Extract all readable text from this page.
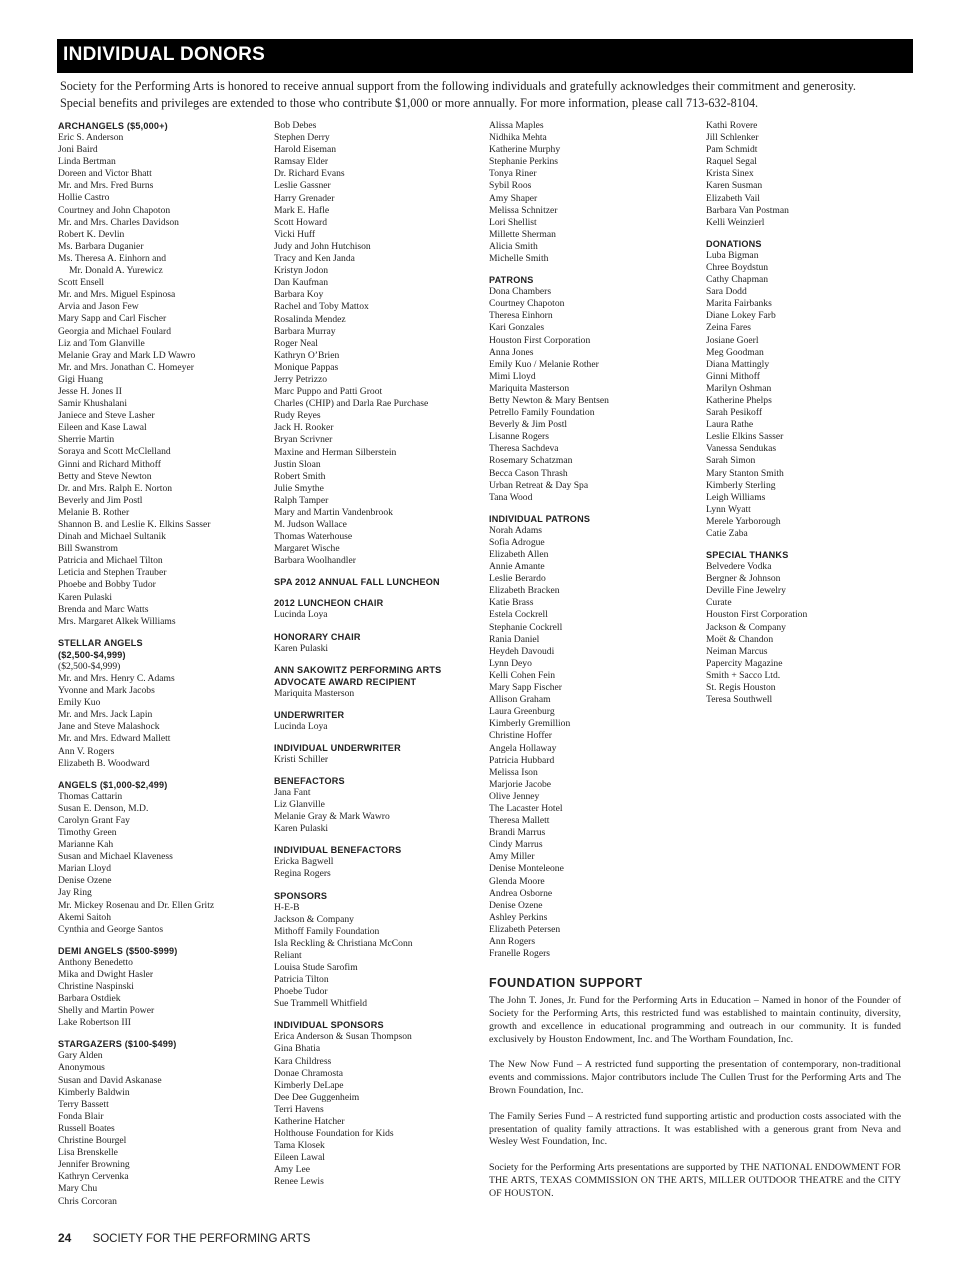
INDIVIDUAL DONORS
Society for the Performing Arts is honored to receive annual support from the following individuals and gratefully acknowledges their commitment and generosity.
Special benefits and privileges are extended to those who contribute $1,000 or more annually. For more information, please call 713-632-8104.
ARCHANGELS ($5,000+)
Eric S. Anderson
Joni Baird
Linda Bertman
Doreen and Victor Bhatt
Mr. and Mrs. Fred Burns
Hollie Castro
Courtney and John Chapoton
Mr. and Mrs. Charles Davidson
Robert K. Devlin
Ms. Barbara Duganier
Ms. Theresa A. Einhorn and
Mr. Donald A. Yurewicz
Scott Ensell
Mr. and Mrs. Miguel Espinosa
Arvia and Jason Few
Mary Sapp and Carl Fischer
Georgia and Michael Foulard
Liz and Tom Glanville
Melanie Gray and Mark LD Wawro
Mr. and Mrs. Jonathan C. Homeyer
Gigi Huang
Jesse H. Jones II
Samir Khushalani
Janiece and Steve Lasher
Eileen and Kase Lawal
Sherrie Martin
Soraya and Scott McClelland
Ginni and Richard Mithoff
Betty and Steve Newton
Dr. and Mrs. Ralph E. Norton
Beverly and Jim Postl
Melanie B. Rother
Shannon B. and Leslie K. Elkins Sasser
Dinah and Michael Sultanik
Bill Swanstrom
Patricia and Michael Tilton
Leticia and Stephen Trauber
Phoebe and Bobby Tudor
Karen Pulaski
Brenda and Marc Watts
Mrs. Margaret Alkek Williams
STELLAR ANGELS
($2,500-$4,999)
($2,500-$4,999)
Mr. and Mrs. Henry C. Adams
Yvonne and Mark Jacobs
Emily Kuo
Mr. and Mrs. Jack Lapin
Jane and Steve Malashock
Mr. and Mrs. Edward Mallett
Ann V. Rogers
Elizabeth B. Woodward
ANGELS ($1,000-$2,499)
Thomas Cattarin
Susan E. Denson, M.D.
Carolyn Grant Fay
Timothy Green
Marianne Kah
Susan and Michael Klaveness
Marian Lloyd
Denise Ozene
Jay Ring
Mr. Mickey Rosenau and Dr. Ellen Gritz
Akemi Saitoh
Cynthia and George Santos
DEMI ANGELS ($500-$999)
Anthony Benedetto
Mika and Dwight Hasler
Christine Naspinski
Barbara Ostdiek
Shelly and Martin Power
Lake Robertson III
STARGAZERS ($100-$499)
Gary Alden
Anonymous
Susan and David Askanase
Kimberly Baldwin
Terry Bassett
Fonda Blair
Russell Boates
Christine Bourgel
Lisa Brenskelle
Jennifer Browning
Kathryn Cervenka
Mary Chu
Chris Corcoran
Bob Debes
Stephen Derry
Harold Eiseman
Ramsay Elder
Dr. Richard Evans
Leslie Gassner
Harry Grenader
Mark E. Hafle
Scott Howard
Vicki Huff
Judy and John Hutchison
Tracy and Ken Janda
Kristyn Jodon
Dan Kaufman
Barbara Koy
Rachel and Toby Mattox
Rosalinda Mendez
Barbara Murray
Roger Neal
Kathryn O’Brien
Monique Pappas
Jerry Petrizzo
Marc Puppo and Patti Groot
Charles (CHIP) and Darla Rae Purchase
Rudy Reyes
Jack H. Rooker
Bryan Scrivner
Maxine and Herman Silberstein
Justin Sloan
Robert Smith
Julie Smythe
Ralph Tamper
Mary and Martin Vandenbrook
M. Judson Wallace
Thomas Waterhouse
Margaret Wische
Barbara Woolhandler
SPA 2012 ANNUAL FALL LUNCHEON
2012 LUNCHEON CHAIR
Lucinda Loya
HONORARY CHAIR
Karen Pulaski
ANN SAKOWITZ PERFORMING ARTS
ADVOCATE AWARD RECIPIENT
Mariquita Masterson
UNDERWRITER
Lucinda Loya
INDIVIDUAL UNDERWRITER
Kristi Schiller
BENEFACTORS
Jana Fant
Liz Glanville
Melanie Gray & Mark Wawro
Karen Pulaski
INDIVIDUAL BENEFACTORS
Ericka Bagwell
Regina Rogers
SPONSORS
H-E-B
Jackson & Company
Mithoff Family Foundation
Isla Reckling & Christiana McConn
Reliant
Louisa Stude Sarofim
Patricia Tilton
Phoebe Tudor
Sue Trammell Whitfield
INDIVIDUAL SPONSORS
Erica Anderson & Susan Thompson
Gina Bhatia
Kara Childress
Donae Chramosta
Kimberly DeLape
Dee Dee Guggenheim
Terri Havens
Katherine Hatcher
Holthouse Foundation for Kids
Tama Klosek
Eileen Lawal
Amy Lee
Renee Lewis
Alissa Maples
Nidhika Mehta
Katherine Murphy
Stephanie Perkins
Tonya Riner
Sybil Roos
Amy Shaper
Melissa Schnitzer
Lori Shellist
Millette Sherman
Alicia Smith
Michelle Smith
PATRONS
Dona Chambers
Courtney Chapoton
Theresa Einhorn
Kari Gonzales
Houston First Corporation
Anna Jones
Emily Kuo / Melanie Rother
Mimi Lloyd
Mariquita Masterson
Betty Newton & Mary Bentsen
Petrello Family Foundation
Beverly & Jim Postl
Lisanne Rogers
Theresa Sachdeva
Rosemary Schatzman
Becca Cason Thrash
Urban Retreat & Day Spa
Tana Wood
INDIVIDUAL PATRONS
Norah Adams
Sofia Adrogue
Elizabeth Allen
Annie Amante
Leslie Berardo
Elizabeth Bracken
Katie Brass
Estela Cockrell
Stephanie Cockrell
Rania Daniel
Heydeh Davoudi
Lynn Deyo
Kelli Cohen Fein
Mary Sapp Fischer
Allison Graham
Laura Greenburg
Kimberly Gremillion
Christine Hoffer
Angela Hollaway
Patricia Hubbard
Melissa Ison
Marjorie Jacobe
Olive Jenney
The Lacaster Hotel
Theresa Mallett
Brandi Marrus
Cindy Marrus
Amy Miller
Denise Monteleone
Glenda Moore
Andrea Osborne
Denise Ozene
Ashley Perkins
Elizabeth Petersen
Ann Rogers
Franelle Rogers
FOUNDATION SUPPORT
The John T. Jones, Jr. Fund for the Performing Arts in Education – Named in honor of the Founder of Society for the Performing Arts, this restricted fund was established to maintain continuity, diversity, growth and excellence in educational programming and outreach in our community. It is funded exclusively by Houston Endowment, Inc. and The Wortham Foundation, Inc.
The New Now Fund – A restricted fund supporting the presentation of contemporary, non-traditional events and commissions. Major contributors include The Cullen Trust for the Performing Arts and The Brown Foundation, Inc.
The Family Series Fund – A restricted fund supporting artistic and production costs associated with the presentation of quality family attractions. It was established with a generous grant from Neva and Wesley West Foundation, Inc.
Society for the Performing Arts presentations are supported by THE NATIONAL ENDOWMENT FOR THE ARTS, TEXAS COMMISSION ON THE ARTS, MILLER OUTDOOR THEATRE and the CITY OF HOUSTON.
Kathi Rovere
Jill Schlenker
Pam Schmidt
Raquel Segal
Krista Sinex
Karen Susman
Elizabeth Vail
Barbara Van Postman
Kelli Weinzierl
DONATIONS
Luba Bigman
Chree Boydstun
Cathy Chapman
Sara Dodd
Marita Fairbanks
Diane Lokey Farb
Zeina Fares
Josiane Goerl
Meg Goodman
Diana Mattingly
Ginni Mithoff
Marilyn Oshman
Katherine Phelps
Sarah Pesikoff
Laura Rathe
Leslie Elkins Sasser
Vanessa Sendukas
Sarah Simon
Mary Stanton Smith
Kimberly Sterling
Leigh Williams
Lynn Wyatt
Merele Yarborough
Catie Zaba
SPECIAL THANKS
Belvedere Vodka
Bergner & Johnson
Deville Fine Jewelry
Curate
Houston First Corporation
Jackson & Company
Moët & Chandon
Neiman Marcus
Papercity Magazine
Smith + Sacco Ltd.
St. Regis Houston
Teresa Southwell
24 SOCIETY FOR THE PERFORMING ARTS
